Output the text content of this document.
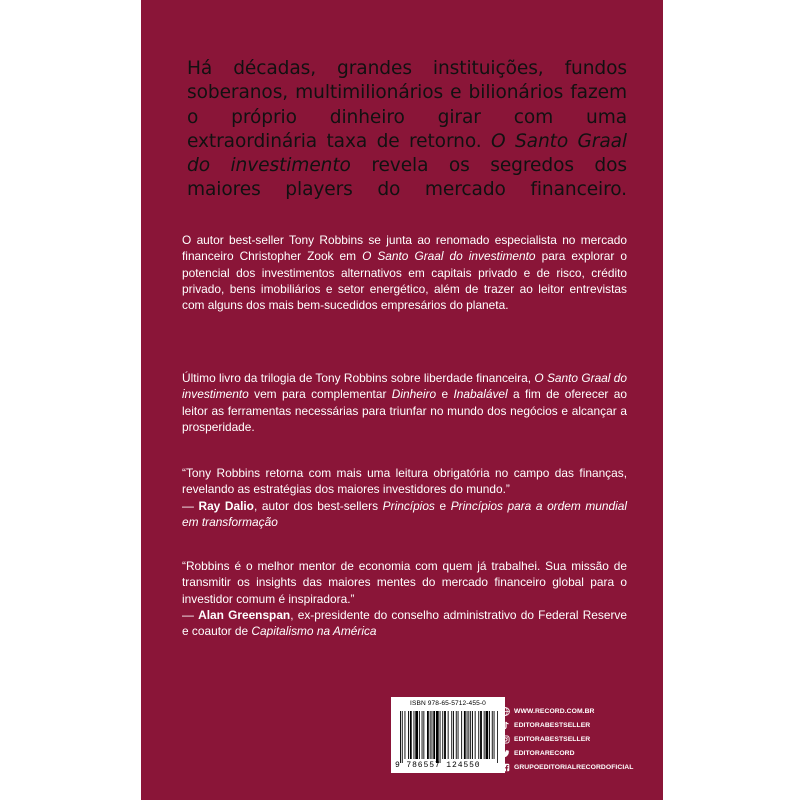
Há décadas, grandes instituições, fundos soberanos, multimilionários e bilionários fazem o próprio dinheiro girar com uma extraordinária taxa de retorno. O Santo Graal do investimento revela os segredos dos maiores players do mercado financeiro.
O autor best-seller Tony Robbins se junta ao renomado especialista no mercado financeiro Christopher Zook em O Santo Graal do investimento para explorar o potencial dos investimentos alternativos em capitais privado e de risco, crédito privado, bens imobiliários e setor energético, além de trazer ao leitor entrevistas com alguns dos mais bem-sucedidos empresários do planeta.
Último livro da trilogia de Tony Robbins sobre liberdade financeira, O Santo Graal do investimento vem para complementar Dinheiro e Inabalável a fim de oferecer ao leitor as ferramentas necessárias para triunfar no mundo dos negócios e alcançar a prosperidade.
“Tony Robbins retorna com mais uma leitura obrigatória no campo das finanças, revelando as estratégias dos maiores investidores do mundo.”
— Ray Dalio, autor dos best-sellers Princípios e Princípios para a ordem mundial em transformação
“Robbins é o melhor mentor de economia com quem já trabalhei. Sua missão de transmitir os insights das maiores mentes do mercado financeiro global para o investidor comum é inspiradora.”
— Alan Greenspan, ex-presidente do conselho administrativo do Federal Reserve e coautor de Capitalismo na América
ISBN 978-65-5712-455-0
9 786557 124550
WWW.RECORD.COM.BR
EDITORABESTSELLER
EDITORABESTSELLER
EDITORARECORD
GRUPOEDITORIALRECORDOFICIAL
